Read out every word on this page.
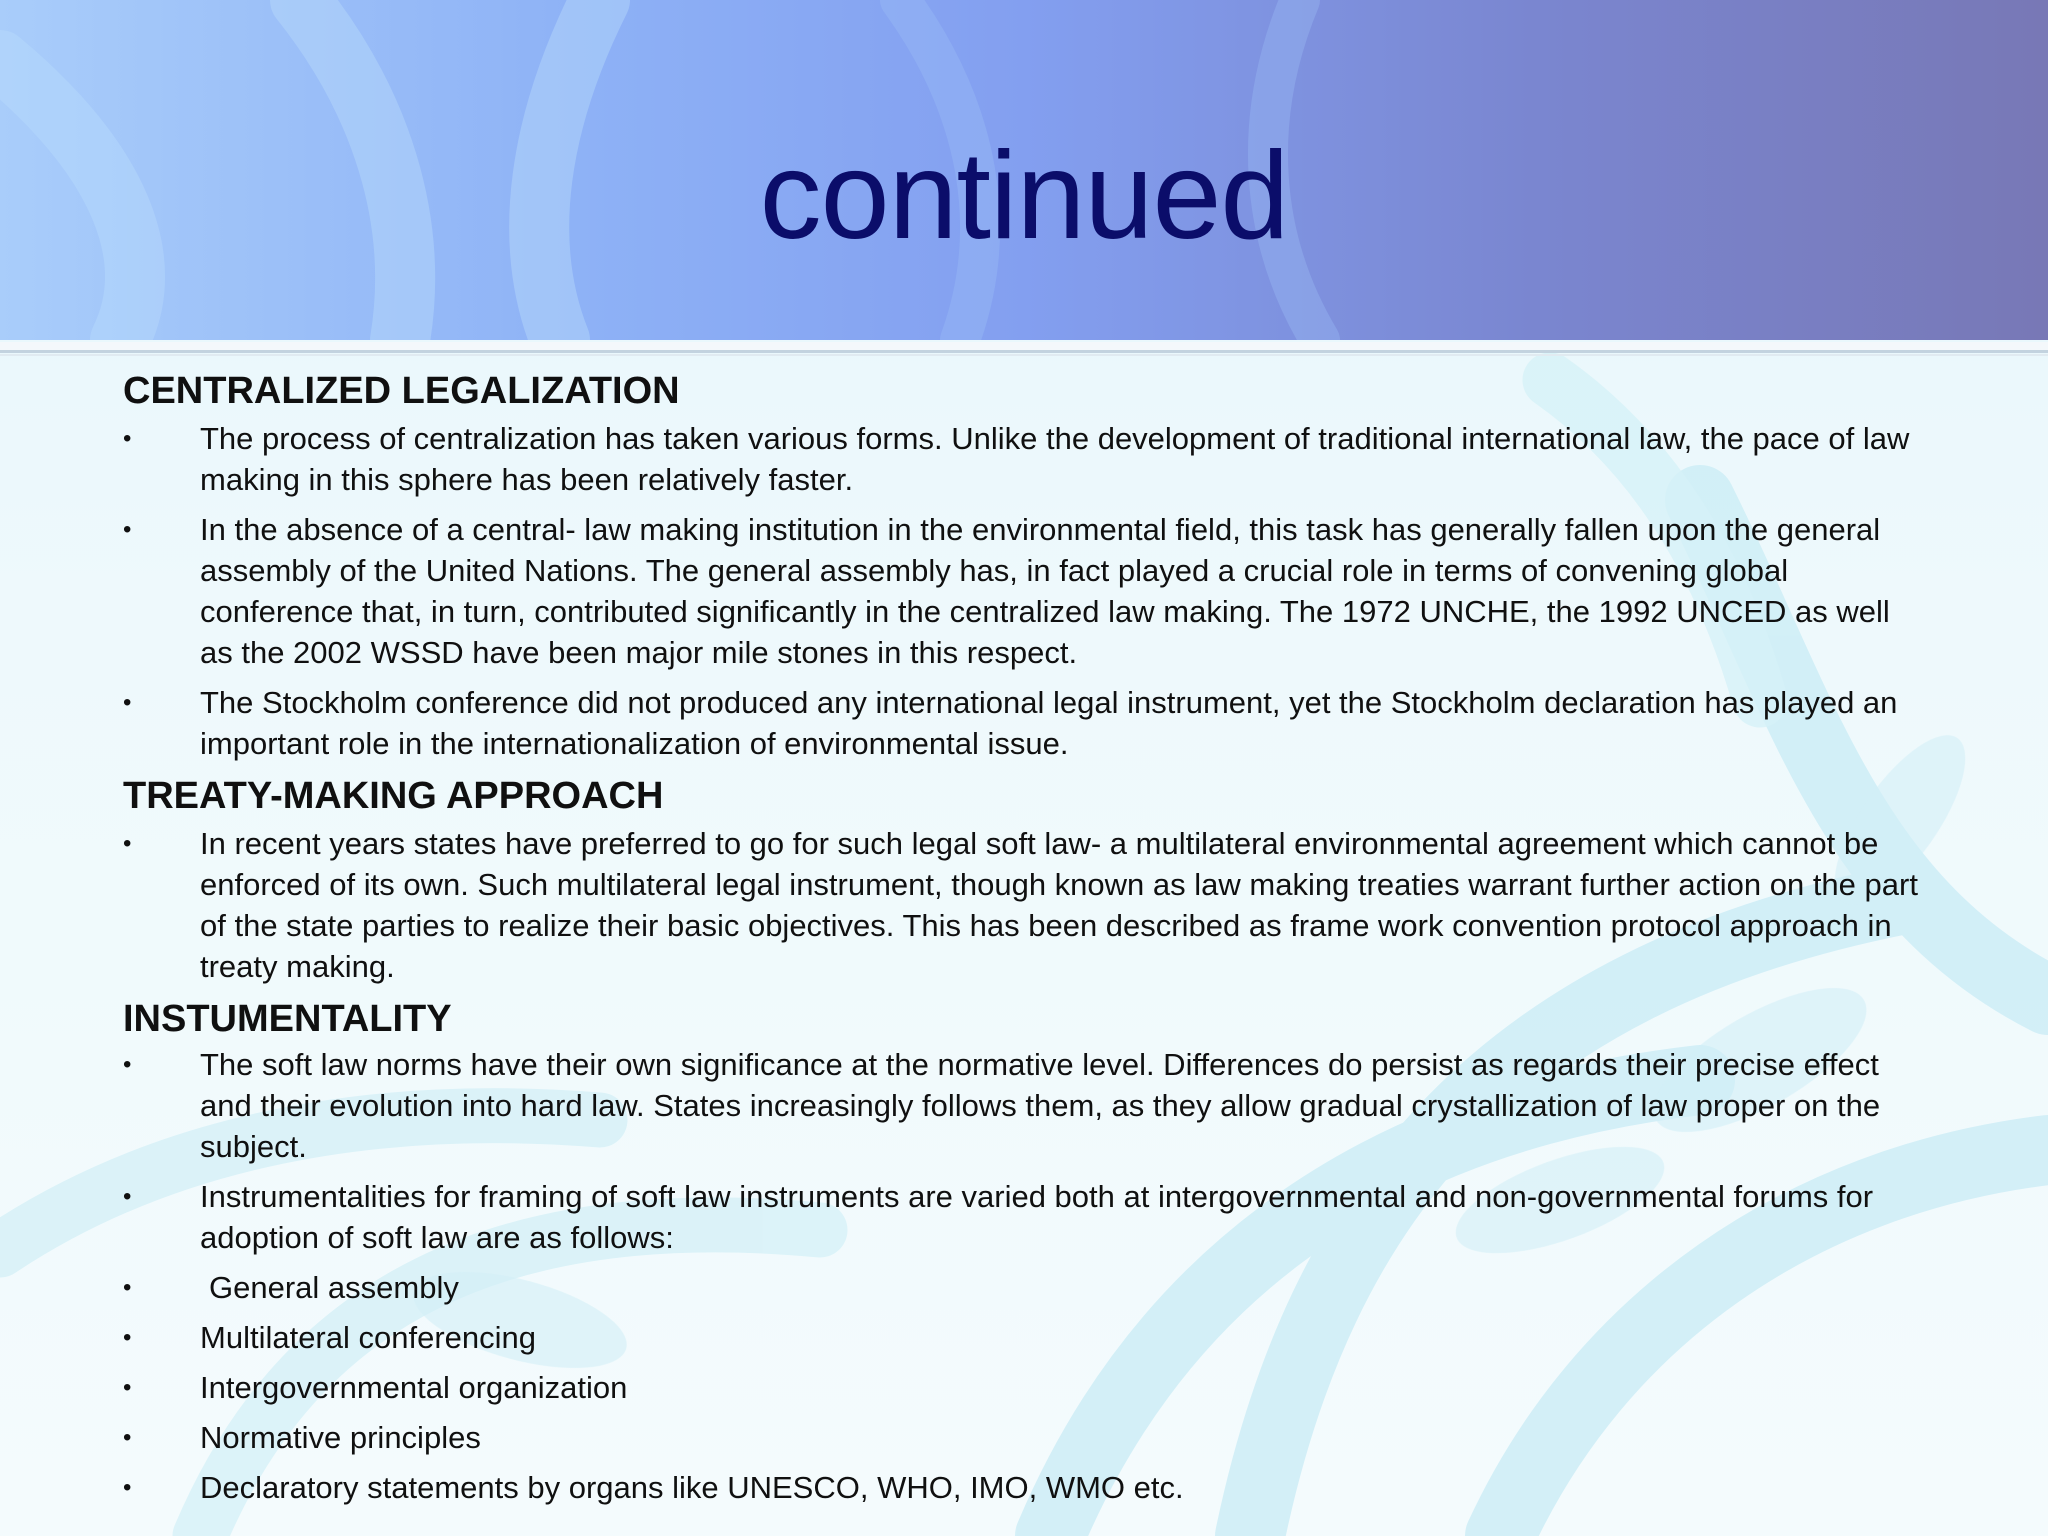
continued
CENTRALIZED LEGALIZATION
•	The process of centralization has taken various forms. Unlike the development of traditional international law, the pace of law making in this sphere has been relatively faster.
•	In the absence of a central- law making institution in the environmental field, this task has generally fallen upon the general assembly of the United Nations. The general assembly has, in fact played a crucial role in terms of convening global conference that, in turn, contributed significantly in the centralized law making. The 1972 UNCHE, the 1992 UNCED as well as the 2002 WSSD have been major mile stones in this respect.
•	The Stockholm conference did not produced any international legal instrument, yet the Stockholm declaration has played an important role in the internationalization of environmental issue.
TREATY-MAKING APPROACH
•	In recent years states have preferred to go for such legal soft law- a multilateral environmental agreement which cannot be enforced of its own. Such multilateral legal instrument, though known as law making treaties warrant further action on the part of the state parties to realize their basic objectives. This has been described as frame work convention protocol approach in treaty making.
INSTUMENTALITY
•	The soft law norms have their own significance at the normative level. Differences do persist as regards their precise effect and their evolution into hard law. States increasingly follows them, as they allow gradual crystallization of law proper on the subject.
•	Instrumentalities for framing of soft law instruments are varied both at intergovernmental and non-governmental forums for adoption of soft law are as follows:
•	General assembly
•	Multilateral conferencing
•	Intergovernmental organization
•	Normative principles
•	Declaratory statements by organs like UNESCO, WHO, IMO, WMO etc.
